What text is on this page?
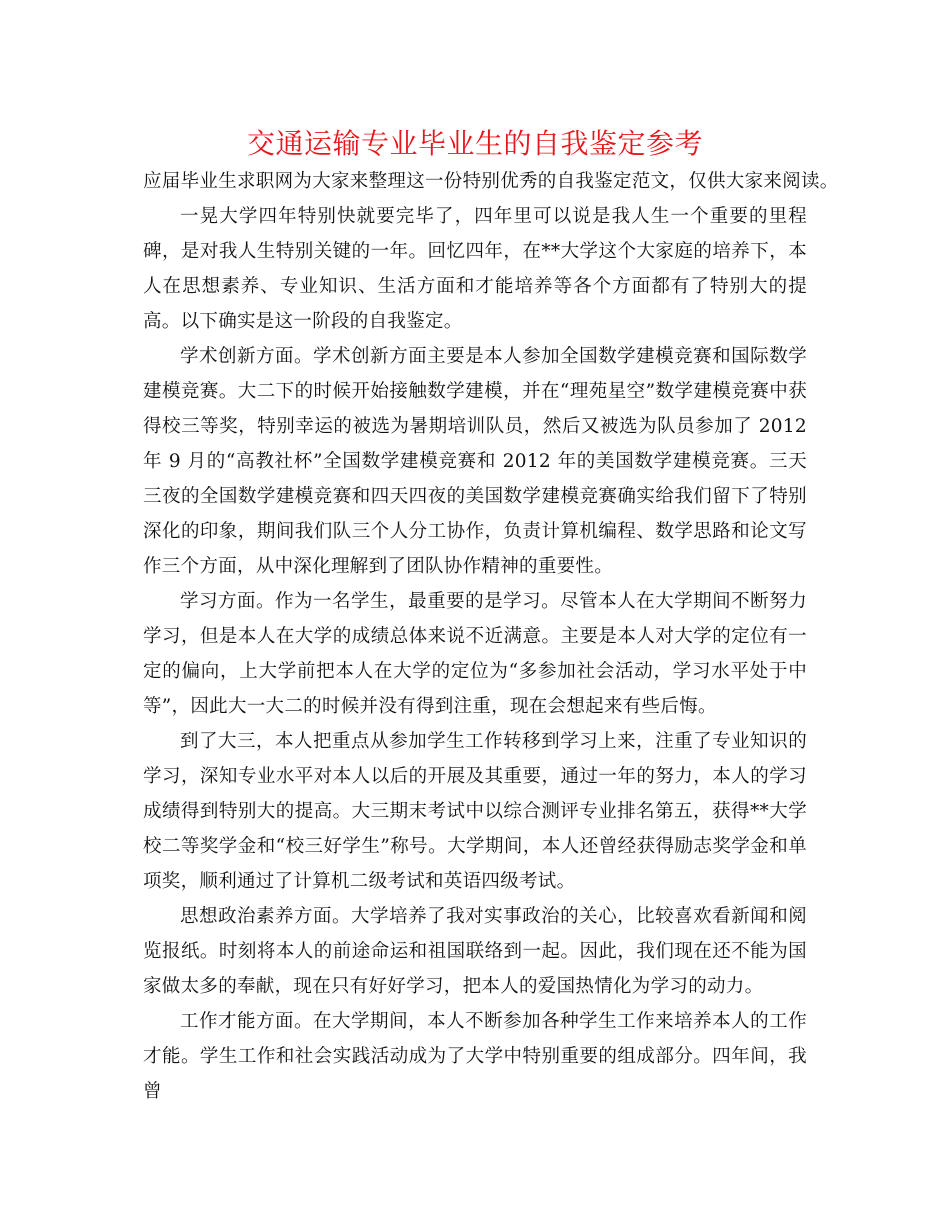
交通运输专业毕业生的自我鉴定参考

应届毕业生求职网为大家来整理这一份特别优秀的自我鉴定范文，仅供大家来阅读。

一晃大学四年特别快就要完毕了，四年里可以说是我人生一个重要的里程碑，是对我人生特别关键的一年。回忆四年，在**大学这个大家庭的培养下，本人在思想素养、专业知识、生活方面和才能培养等各个方面都有了特别大的提高。以下确实是这一阶段的自我鉴定。

学术创新方面。学术创新方面主要是本人参加全国数学建模竞赛和国际数学建模竞赛。大二下的时候开始接触数学建模，并在“理苑星空”数学建模竞赛中获得校三等奖，特别幸运的被选为暑期培训队员，然后又被选为队员参加了 2012 年 9 月的“高教社杯”全国数学建模竞赛和 2012 年的美国数学建模竞赛。三天三夜的全国数学建模竞赛和四天四夜的美国数学建模竞赛确实给我们留下了特别深化的印象，期间我们队三个人分工协作，负责计算机编程、数学思路和论文写作三个方面，从中深化理解到了团队协作精神的重要性。

学习方面。作为一名学生，最重要的是学习。尽管本人在大学期间不断努力学习，但是本人在大学的成绩总体来说不近满意。主要是本人对大学的定位有一定的偏向，上大学前把本人在大学的定位为“多参加社会活动，学习水平处于中等”，因此大一大二的时候并没有得到注重，现在会想起来有些后悔。

到了大三，本人把重点从参加学生工作转移到学习上来，注重了专业知识的学习，深知专业水平对本人以后的开展及其重要，通过一年的努力，本人的学习成绩得到特别大的提高。大三期末考试中以综合测评专业排名第五，获得**大学校二等奖学金和“校三好学生”称号。大学期间，本人还曾经获得励志奖学金和单项奖，顺利通过了计算机二级考试和英语四级考试。

思想政治素养方面。大学培养了我对实事政治的关心，比较喜欢看新闻和阅览报纸。时刻将本人的前途命运和祖国联络到一起。因此，我们现在还不能为国家做太多的奉献，现在只有好好学习，把本人的爱国热情化为学习的动力。

工作才能方面。在大学期间，本人不断参加各种学生工作来培养本人的工作才能。学生工作和社会实践活动成为了大学中特别重要的组成部分。四年间，我曾
